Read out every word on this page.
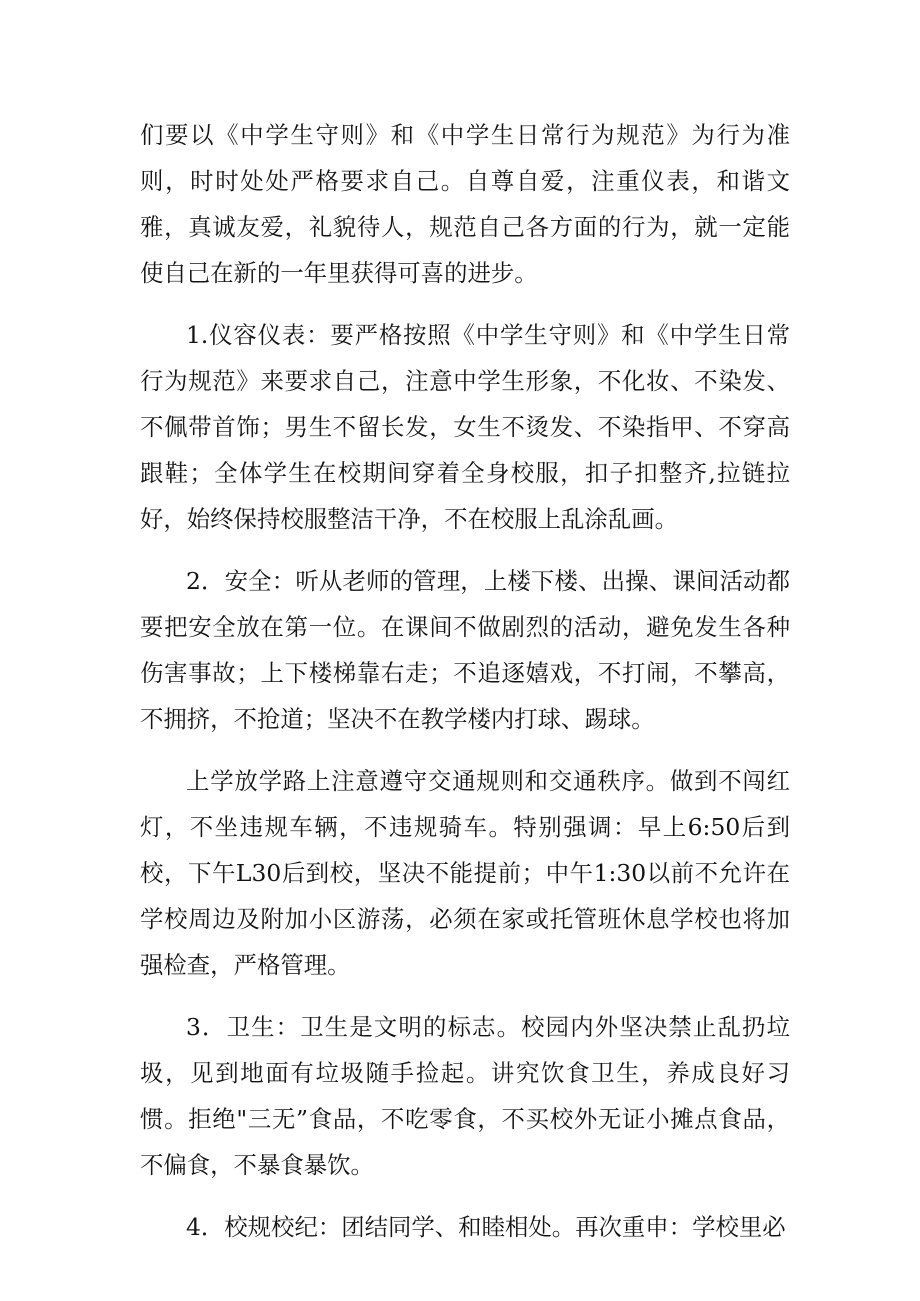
们要以《中学生守则》和《中学生日常行为规范》为行为准则，时时处处严格要求自己。自尊自爱，注重仪表，和谐文雅，真诚友爱，礼貌待人，规范自己各方面的行为，就一定能使自己在新的一年里获得可喜的进步。

1.仪容仪表：要严格按照《中学生守则》和《中学生日常行为规范》来要求自己，注意中学生形象，不化妆、不染发、不佩带首饰；男生不留长发，女生不烫发、不染指甲、不穿高跟鞋；全体学生在校期间穿着全身校服，扣子扣整齐,拉链拉好，始终保持校服整洁干净，不在校服上乱涂乱画。

2．安全：听从老师的管理，上楼下楼、出操、课间活动都要把安全放在第一位。在课间不做剧烈的活动，避免发生各种伤害事故；上下楼梯靠右走；不追逐嬉戏，不打闹，不攀高，不拥挤，不抢道；坚决不在教学楼内打球、踢球。

上学放学路上注意遵守交通规则和交通秩序。做到不闯红灯，不坐违规车辆，不违规骑车。特别强调：早上6:50后到校，下午L30后到校，坚决不能提前；中午1:30以前不允许在学校周边及附加小区游荡，必须在家或托管班休息学校也将加强检查，严格管理。

3．卫生：卫生是文明的标志。校园内外坚决禁止乱扔垃圾，见到地面有垃圾随手捡起。讲究饮食卫生，养成良好习惯。拒绝"三无”食品，不吃零食，不买校外无证小摊点食品，不偏食，不暴食暴饮。

4．校规校纪：团结同学、和睦相处。再次重申：学校里必
